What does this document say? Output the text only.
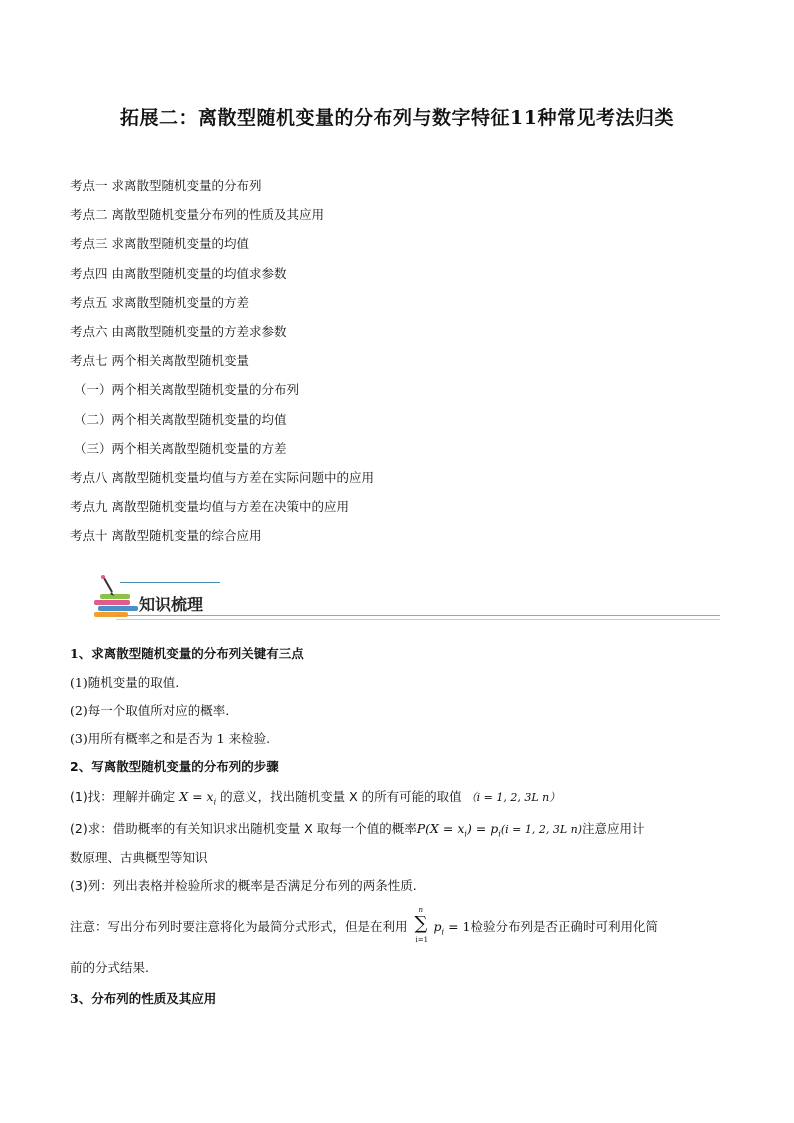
拓展二：离散型随机变量的分布列与数字特征11种常见考法归类
考点一 求离散型随机变量的分布列
考点二 离散型随机变量分布列的性质及其应用
考点三 求离散型随机变量的均值
考点四 由离散型随机变量的均值求参数
考点五 求离散型随机变量的方差
考点六 由离散型随机变量的方差求参数
考点七 两个相关离散型随机变量
（一）两个相关离散型随机变量的分布列
（二）两个相关离散型随机变量的均值
（三）两个相关离散型随机变量的方差
考点八 离散型随机变量均值与方差在实际问题中的应用
考点九 离散型随机变量均值与方差在决策中的应用
考点十 离散型随机变量的综合应用
知识梳理
1、求离散型随机变量的分布列关键有三点
(1)随机变量的取值.
(2)每一个取值所对应的概率.
(3)用所有概率之和是否为 1 来检验.
2、写离散型随机变量的分布列的步骤
(1)找：理解并确定 $X = x_i$ 的意义，找出随机变量 X 的所有可能的取值 （i = 1, 2, 3L n）
(2)求：借助概率的有关知识求出随机变量 X 取每一个值的概率$P(X = x_i) = p_i(i = 1$, 2, 3L n)注意应用计
数原理、古典概型等知识
(3)列：列出表格并检验所求的概率是否满足分布列的两条性质.
注意：写出分布列时要注意将化为最简分式形式，但是在利用
n
∑
i=1
$p_i = 1$检验分布列是否正确时可利用化简
前的分式结果.
3、分布列的性质及其应用
